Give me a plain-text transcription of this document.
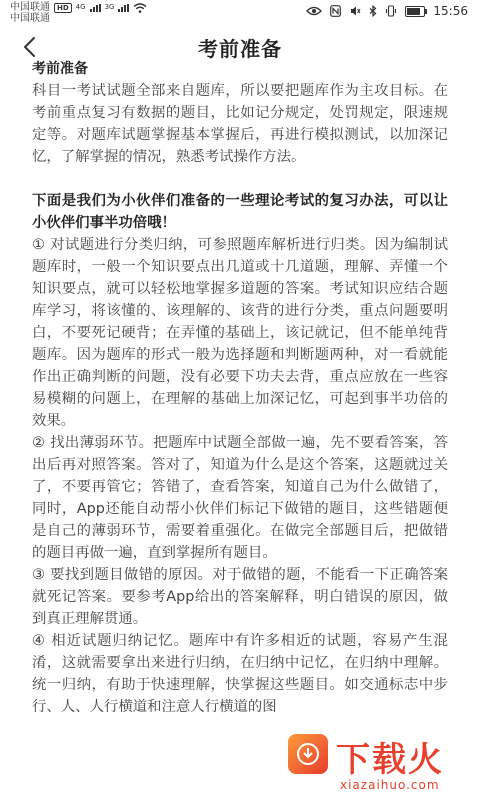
中国联通	HD	4G	3G
中国联通
15:56
考前准备
考前准备

科目一考试试题全部来自题库，所以要把题库作为主攻目标。在考前重点复习有数据的题目，比如记分规定，处罚规定，限速规定等。对题库试题掌握基本掌握后，再进行模拟测试，以加深记忆，了解掌握的情况，熟悉考试操作方法。

下面是我们为小伙伴们准备的一些理论考试的复习办法，可以让小伙伴们事半功倍哦！

① 对试题进行分类归纳，可参照题库解析进行归类。因为编制试题库时，一般一个知识要点出几道或十几道题，理解、弄懂一个知识要点，就可以轻松地掌握多道题的答案。考试知识应结合题库学习，将该懂的、该理解的、该背的进行分类，重点问题要明白，不要死记硬背；在弄懂的基础上，该记就记，但不能单纯背题库。因为题库的形式一般为选择题和判断题两种，对一看就能作出正确判断的问题，没有必要下功夫去背，重点应放在一些容易模糊的问题上，在理解的基础上加深记忆，可起到事半功倍的效果。

② 找出薄弱环节。把题库中试题全部做一遍，先不要看答案，答出后再对照答案。答对了，知道为什么是这个答案，这题就过关了，不要再管它；答错了，查看答案，知道自己为什么做错了，同时，App还能自动帮小伙伴们标记下做错的题目，这些错题便是自己的薄弱环节，需要着重强化。在做完全部题目后，把做错的题目再做一遍，直到掌握所有题目。

③ 要找到题目做错的原因。对于做错的题，不能看一下正确答案就死记答案。要参考App给出的答案解释，明白错误的原因，做到真正理解贯通。

④ 相近试题归纳记忆。题库中有许多相近的试题，容易产生混淆，这就需要拿出来进行归纳，在归纳中记忆，在归纳中理解。统一归纳，有助于快速理解，快掌握这些题目。如交通标志中步行、人、人行横道和注意人行横道的图

下载火
xiazaihuo.com
